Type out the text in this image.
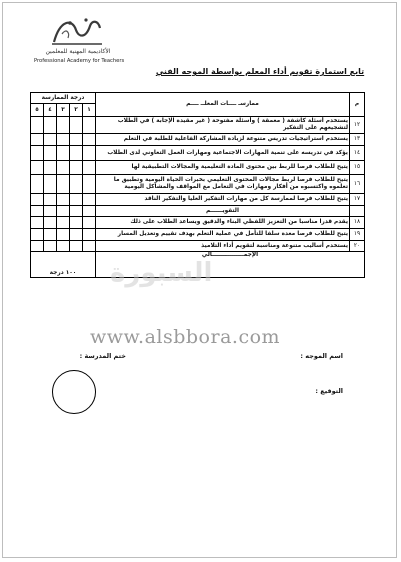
الأكاديمية المهنية للمعلمين
Professional Academy for Teachers
تابع استمارة تقويم أداء المعلم بواسطة الموجه الفني
درجة الممارسة					ممارسـ ــــات المعلــ ــــم	م
٥	٤	٣	٢	١		
					يستخدم أسئلة كاشفة ( معمقة ) وأسئلة مفتوحة ( غير مقيدة الإجابة ) في الطلاب لتشجيعهم على التفكير	١٢
					يستخدم استراتيجيات تدريس متنوعة لزيادة المشاركة الفاعلية للطلبة في التعلم	١٣
					يؤكد في تدريسه على تنمية المهارات الاجتماعية ومهارات العمل التعاوني لدى الطلاب	١٤
					يتيح للطلاب فرصا للربط بين محتوى المادة التعليمية والمجالات التطبيقية لها	١٥
					يتيح للطلاب فرصا لربط مجالات المحتوى التعليمي بخبرات الحياة اليومية وتطبيق ما تعلموه واكتسبوه من أفكار ومهارات في التعامل مع المواقف والمشاكل اليومية	١٦
					يتيح للطلاب فرصا لممارسة كل من مهارات التفكير العليا والتفكير الناقد	١٧
					التقويــــــم	
					يقدم قدرا مناسبا من التعزيز اللفظي البناء والدقيق ويساعد الطلاب على ذلك	١٨
					يتيح للطلاب فرصا معدة سلفا للتأمل في عملية التعلم بهدف تقييم وتعديل المسار	١٩
					يستخدم أساليب متنوعة ومناسبة لتقويم أداء التلاميذ	٢٠
١٠٠ درجة					الإجمــــــــــــــــالي	
السبورة
www.alsbbora.com
اسم الموجه :
ختم المدرسة :
التوقيع :
